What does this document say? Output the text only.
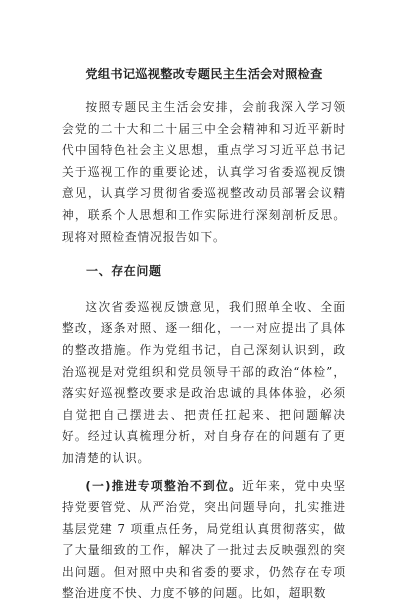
党组书记巡视整改专题民主生活会对照检查

按照专题民主生活会安排，会前我深入学习领会党的二十大和二十届三中全会精神和习近平新时代中国特色社会主义思想，重点学习习近平总书记关于巡视工作的重要论述，认真学习省委巡视反馈意见，认真学习贯彻省委巡视整改动员部署会议精神，联系个人思想和工作实际进行深刻剖析反思。现将对照检查情况报告如下。

一、存在问题

这次省委巡视反馈意见，我们照单全收、全面整改，逐条对照、逐一细化，一一对应提出了具体的整改措施。作为党组书记，自己深刻认识到，政治巡视是对党组织和党员领导干部的政治“体检”，落实好巡视整改要求是政治忠诚的具体体验，必须自觉把自己摆进去、把责任扛起来、把问题解决好。经过认真梳理分析，对自身存在的问题有了更加清楚的认识。

(一)推进专项整治不到位。近年来，党中央坚持党要管党、从严治党，突出问题导向，扎实推进基层党建 7 项重点任务，局党组认真贯彻落实，做了大量细致的工作，解决了一批过去反映强烈的突出问题。但对照中央和省委的要求，仍然存在专项整治进度不快、力度不够的问题。比如，超职数
